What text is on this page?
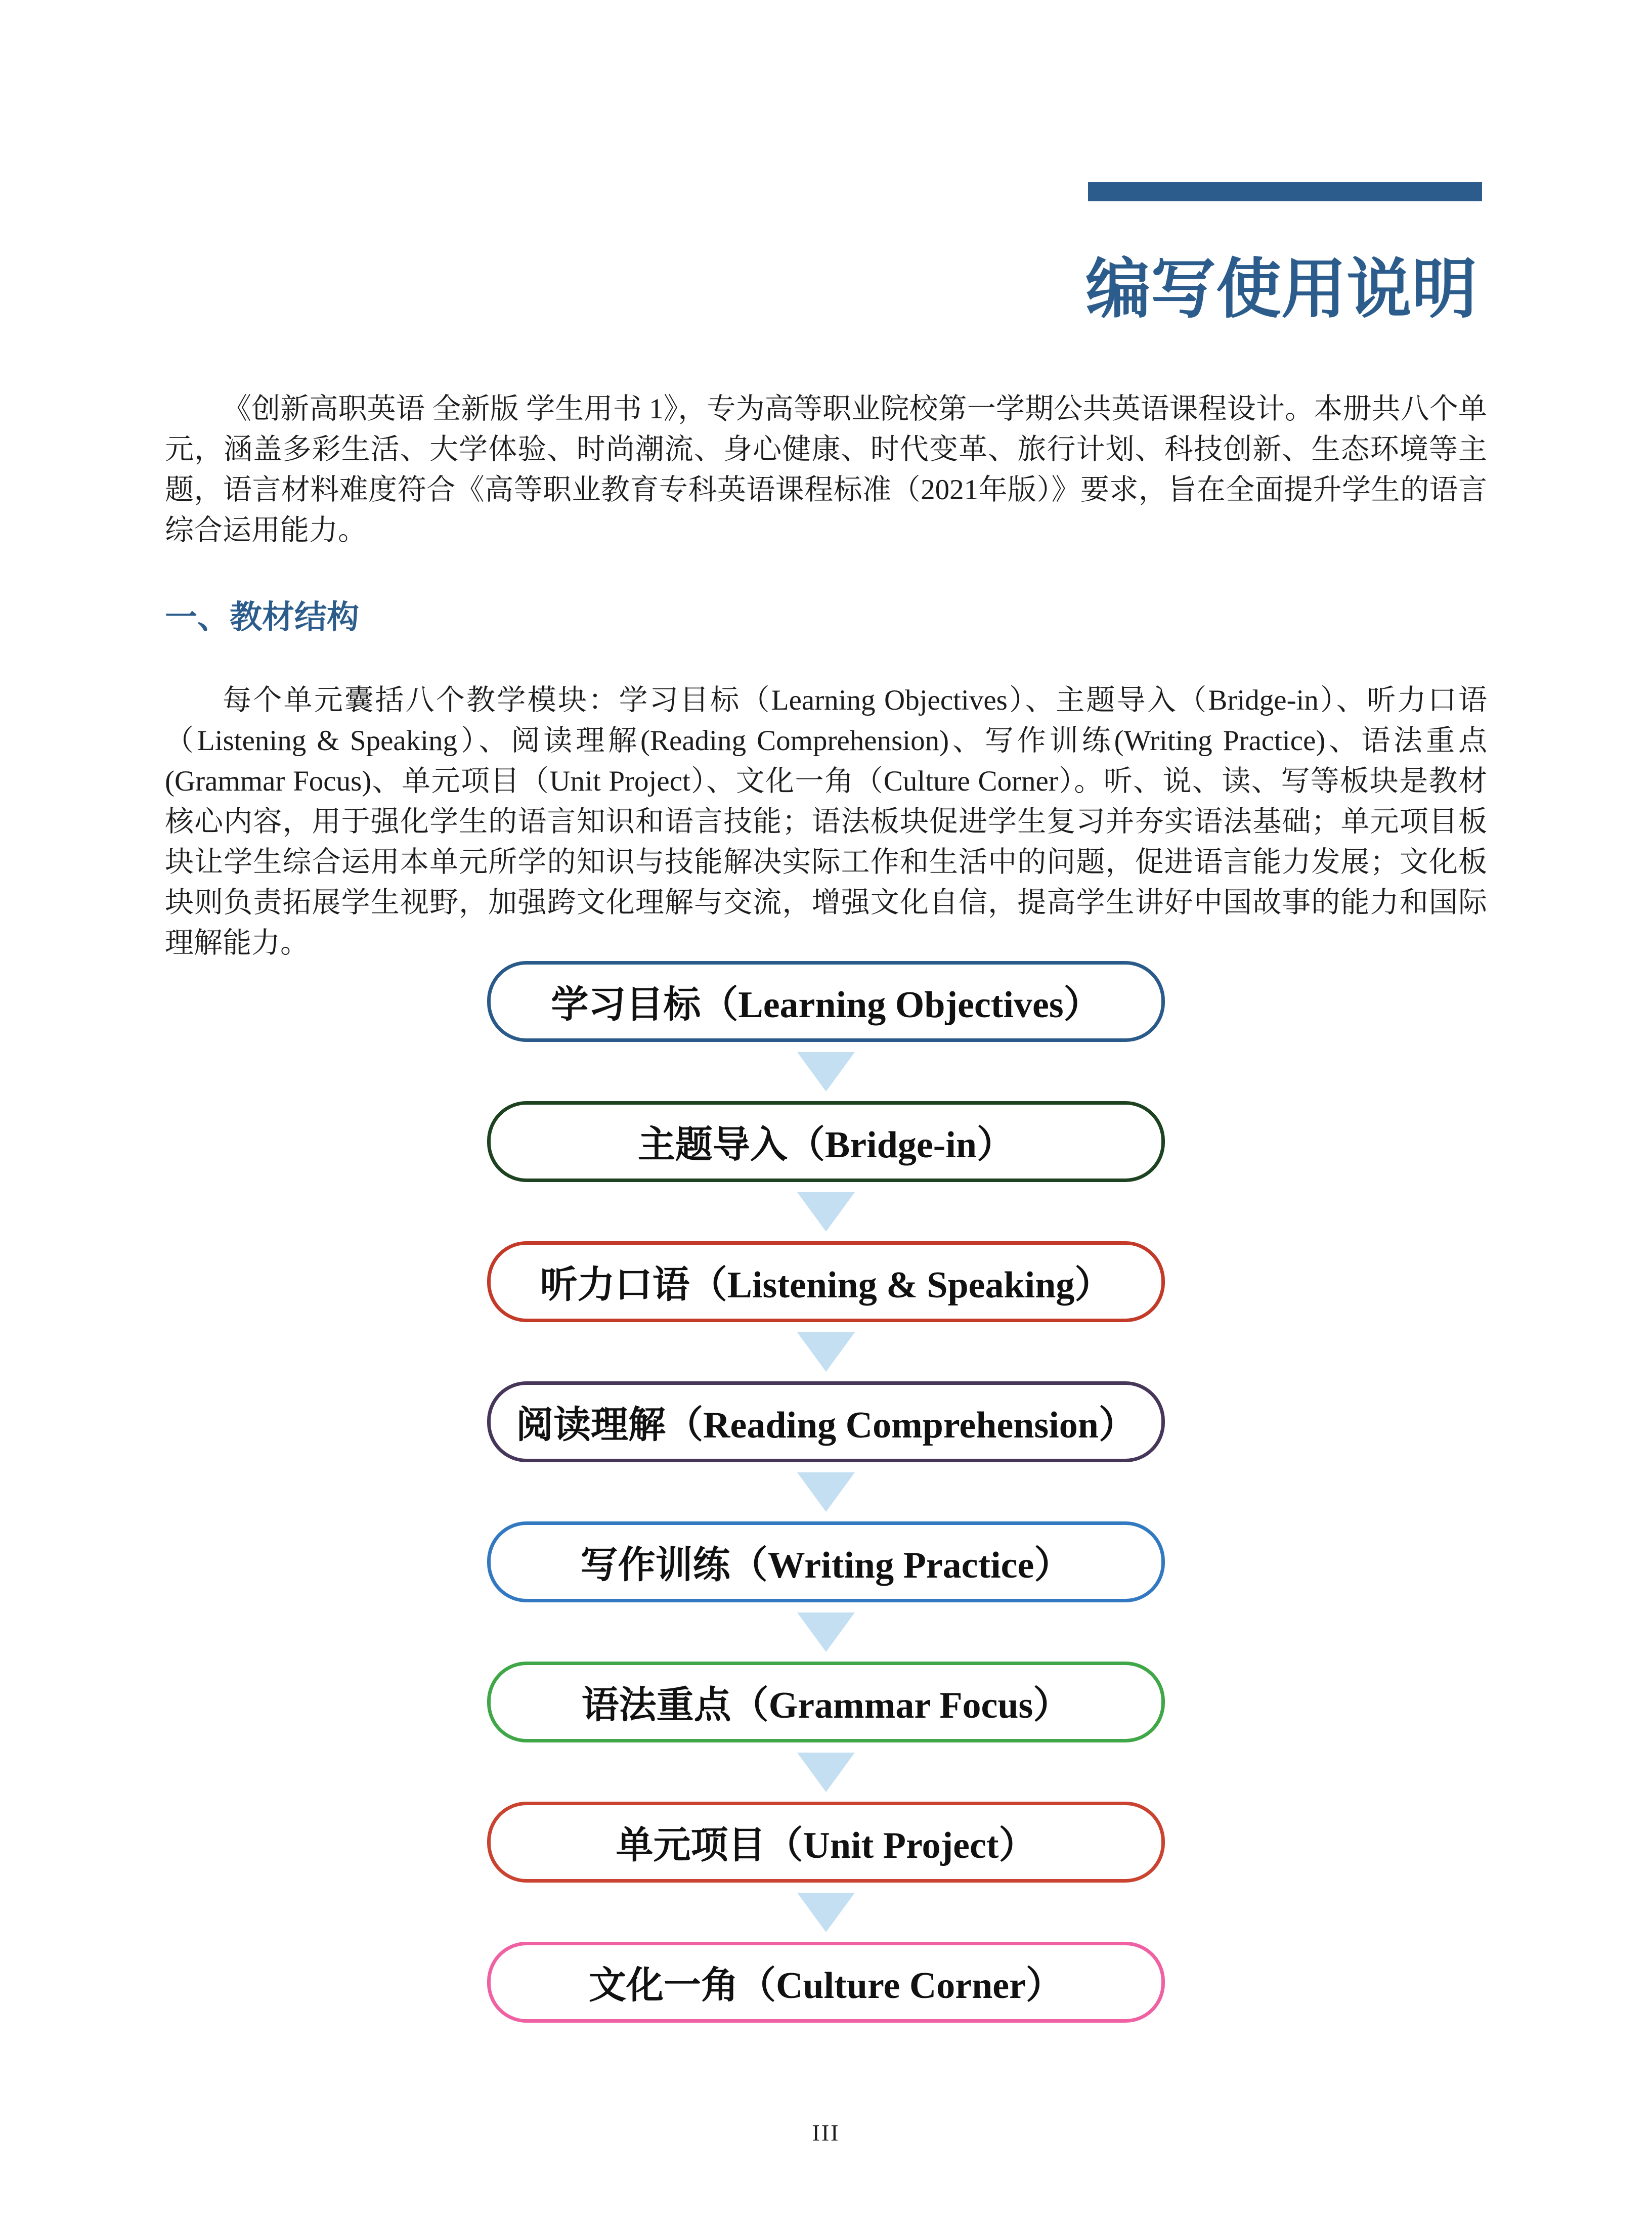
编写使用说明

《创新高职英语 全新版 学生用书 1》，专为高等职业院校第一学期公共英语课程设计。本册共八个单元，涵盖多彩生活、大学体验、时尚潮流、身心健康、时代变革、旅行计划、科技创新、生态环境等主题，语言材料难度符合《高等职业教育专科英语课程标准（2021年版）》要求，旨在全面提升学生的语言综合运用能力。

一、教材结构

每个单元囊括八个教学模块：学习目标（Learning Objectives）、主题导入（Bridge-in）、听力口语（Listening & Speaking）、阅读理解(Reading Comprehension)、写作训练(Writing Practice)、语法重点(Grammar Focus)、单元项目（Unit Project）、文化一角（Culture Corner）。听、说、读、写等板块是教材核心内容，用于强化学生的语言知识和语言技能；语法板块促进学生复习并夯实语法基础；单元项目板块让学生综合运用本单元所学的知识与技能解决实际工作和生活中的问题，促进语言能力发展；文化板块则负责拓展学生视野，加强跨文化理解与交流，增强文化自信，提高学生讲好中国故事的能力和国际理解能力。

学习目标（Learning Objectives）
主题导入（Bridge-in）
听力口语（Listening & Speaking）
阅读理解（Reading Comprehension）
写作训练（Writing Practice）
语法重点（Grammar Focus）
单元项目（Unit Project）
文化一角（Culture Corner）
III
